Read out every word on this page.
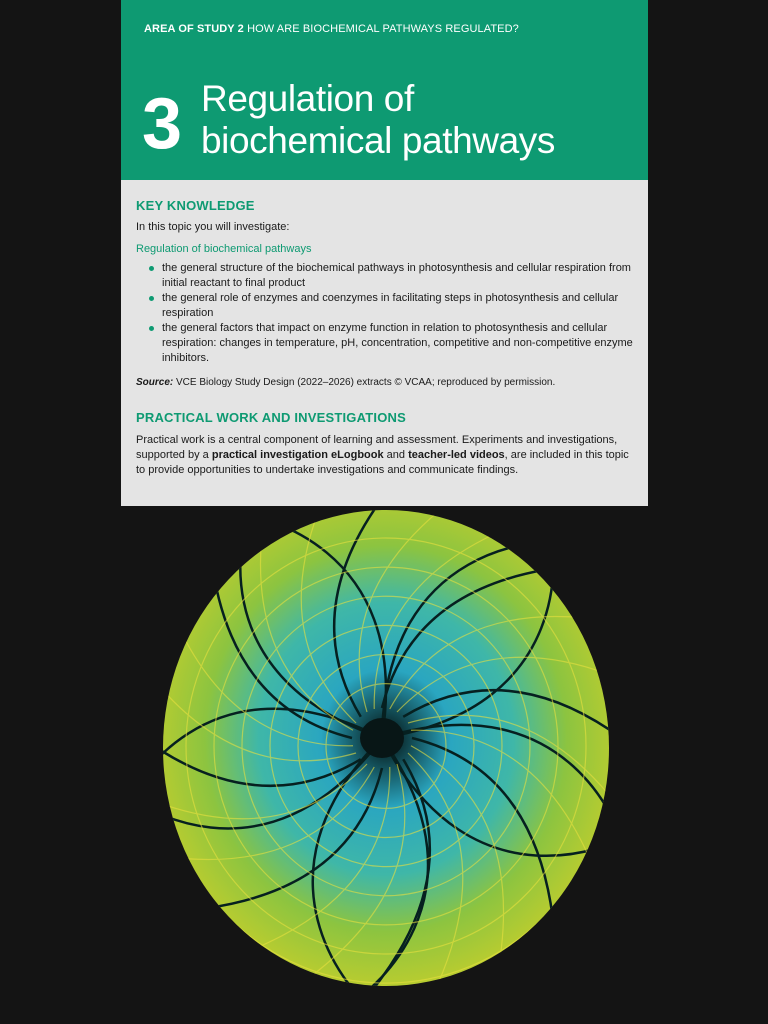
AREA OF STUDY 2 HOW ARE BIOCHEMICAL PATHWAYS REGULATED?
3 Regulation of
biochemical pathways
KEY KNOWLEDGE
In this topic you will investigate:
Regulation of biochemical pathways
the general structure of the biochemical pathways in photosynthesis and cellular respiration from initial reactant to final product
the general role of enzymes and coenzymes in facilitating steps in photosynthesis and cellular respiration
the general factors that impact on enzyme function in relation to photosynthesis and cellular respiration: changes in temperature, pH, concentration, competitive and non-competitive enzyme inhibitors.
Source: VCE Biology Study Design (2022–2026) extracts © VCAA; reproduced by permission.
PRACTICAL WORK AND INVESTIGATIONS
Practical work is a central component of learning and assessment. Experiments and investigations, supported by a practical investigation eLogbook and teacher-led videos, are included in this topic to provide opportunities to undertake investigations and communicate findings.
